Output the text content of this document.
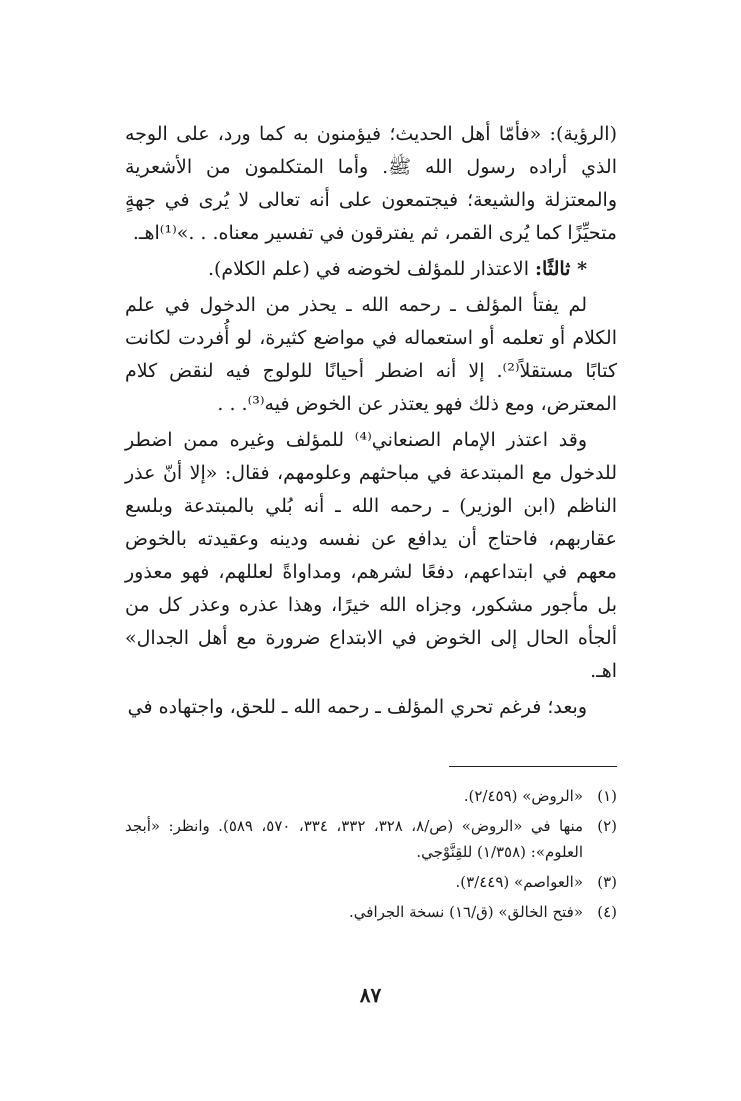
(الرؤية): «فأمّا أهل الحديث؛ فيؤمنون به كما ورد، على الوجه الذي أراده رسول الله ﷺ. وأما المتكلمون من الأشعرية والمعتزلة والشيعة؛ فيجتمعون على أنه تعالى لا يُرى في جهةٍ متحيِّزًا كما يُرى القمر، ثم يفترقون في تفسير معناه. . .»⁽¹⁾اهـ.

* ثالثًا: الاعتذار للمؤلف لخوضه في (علم الكلام).

لم يفتأ المؤلف ـ رحمه الله ـ يحذر من الدخول في علم الكلام أو تعلمه أو استعماله في مواضع كثيرة، لو أُفردت لكانت كتابًا مستقلاً⁽²⁾. إلا أنه اضطر أحيانًا للولوج فيه لنقض كلام المعترض، ومع ذلك فهو يعتذر عن الخوض فيه⁽³⁾. . .

وقد اعتذر الإمام الصنعاني⁽⁴⁾ للمؤلف وغيره ممن اضطر للدخول مع المبتدعة في مباحثهم وعلومهم، فقال: «إلا أنّ عذر الناظم (ابن الوزير) ـ رحمه الله ـ أنه بُلي بالمبتدعة وبلسع عقاربهم، فاحتاج أن يدافع عن نفسه ودينه وعقيدته بالخوض معهم في ابتداعهم، دفعًا لشرهم، ومداواةً لعللهم، فهو معذور بل مأجور مشكور، وجزاه الله خيرًا، وهذا عذره وعذر كل من ألجأه الحال إلى الخوض في الابتداع ضرورة مع أهل الجدال» اهـ.

وبعد؛ فرغم تحري المؤلف ـ رحمه الله ـ للحق، واجتهاده في

(١)
«الروض» (٢/٤٥٩).
(٢)
منها في «الروض» (ص/٨، ٣٢٨، ٣٣٢، ٣٣٤، ٥٧٠، ٥٨٩). وانظر: «أبجد العلوم»: (١/٣٥٨) للقِنَّوْجي.
(٣)
«العواصم» (٣/٤٤٩).
(٤)
«فتح الخالق» (ق/١٦) نسخة الجرافي.
٨٧
